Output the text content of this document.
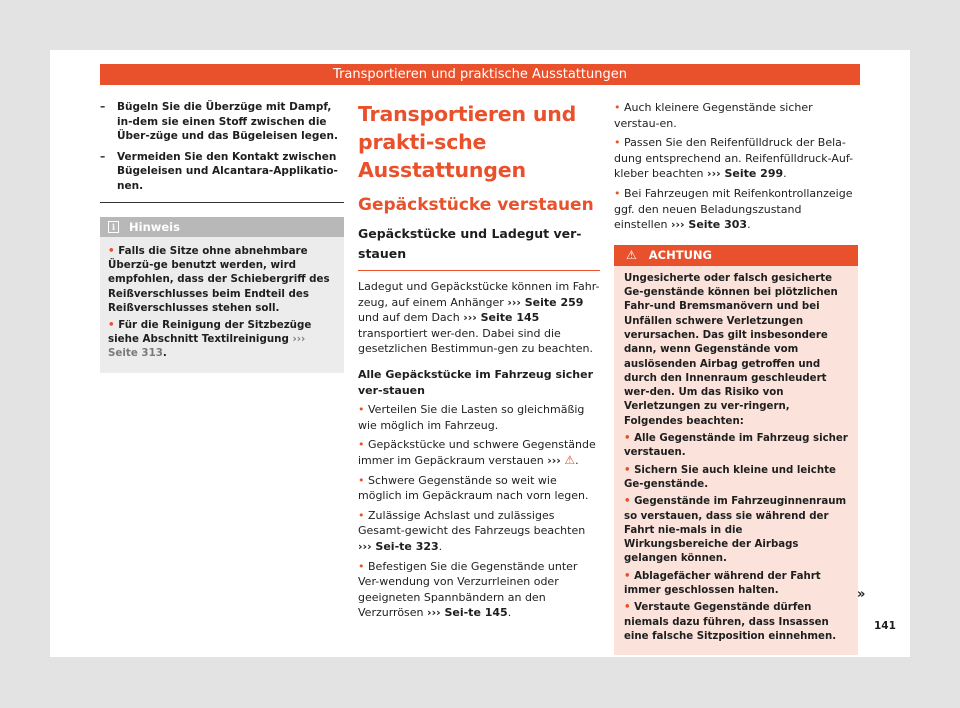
Transportieren und praktische Ausstattungen
– Bügeln Sie die Überzüge mit Dampf, in-dem sie einen Stoff zwischen die Über-züge und das Bügeleisen legen.
– Vermeiden Sie den Kontakt zwischen Bügeleisen und Alcantara-Applikatio-nen.
i	Hinweis

• Falls die Sitze ohne abnehmbare Überzü-ge benutzt werden, wird empfohlen, dass der Schiebergriff des Reißverschlusses beim Endteil des Reißverschlusses stehen soll.

• Für die Reinigung der Sitzbezüge siehe Abschnitt Textilreinigung ››› Seite 313.

Transportieren und prakti-sche Ausstattungen
Gepäckstücke verstauen
Gepäckstücke und Ladegut ver-stauen

Ladegut und Gepäckstücke können im Fahr-zeug, auf einem Anhänger ››› Seite 259 und auf dem Dach ››› Seite 145 transportiert wer-den. Dabei sind die gesetzlichen Bestimmun-gen zu beachten.

Alle Gepäckstücke im Fahrzeug sicher ver-stauen

• Verteilen Sie die Lasten so gleichmäßig wie möglich im Fahrzeug.

• Gepäckstücke und schwere Gegenstände immer im Gepäckraum verstauen ››› ⚠.

• Schwere Gegenstände so weit wie möglich im Gepäckraum nach vorn legen.

• Zulässige Achslast und zulässiges Gesamt-gewicht des Fahrzeugs beachten ››› Sei-te 323.

• Befestigen Sie die Gegenstände unter Ver-wendung von Verzurrleinen oder geeigneten Spannbändern an den Verzurrösen ››› Sei-te 145.

• Auch kleinere Gegenstände sicher verstau-en.

• Passen Sie den Reifenfülldruck der Bela-dung entsprechend an. Reifenfülldruck-Auf-kleber beachten ››› Seite 299.

• Bei Fahrzeugen mit Reifenkontrollanzeige ggf. den neuen Beladungszustand einstellen ››› Seite 303.

⚠ ACHTUNG

Ungesicherte oder falsch gesicherte Ge-genstände können bei plötzlichen Fahr-und Bremsmanövern und bei Unfällen schwere Verletzungen verursachen. Das gilt insbesondere dann, wenn Gegenstände vom auslösenden Airbag getroffen und durch den Innenraum geschleudert wer-den. Um das Risiko von Verletzungen zu ver-ringern, Folgendes beachten:

• Alle Gegenstände im Fahrzeug sicher verstauen.

• Sichern Sie auch kleine und leichte Ge-genstände.

• Gegenstände im Fahrzeuginnenraum so verstauen, dass sie während der Fahrt nie-mals in die Wirkungsbereiche der Airbags gelangen können.

• Ablagefächer während der Fahrt immer geschlossen halten.

• Verstaute Gegenstände dürfen niemals dazu führen, dass Insassen eine falsche Sitzposition einnehmen.

»
141
